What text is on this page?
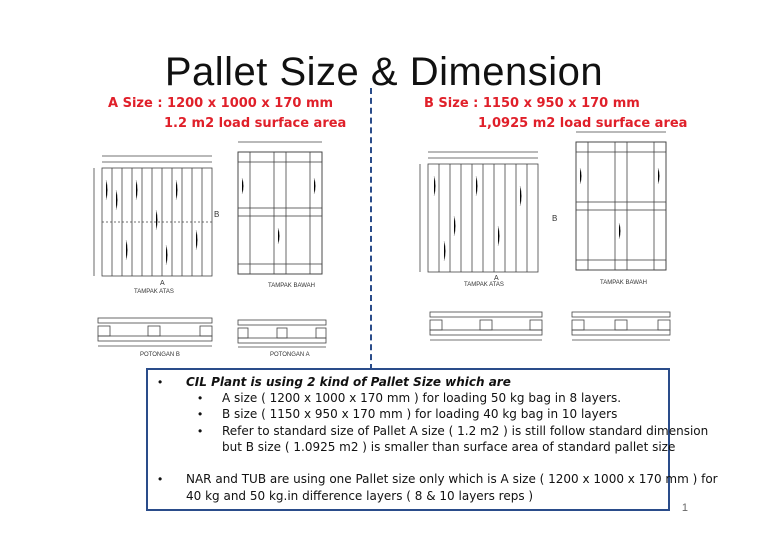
Pallet Size & Dimension
A Size : 1200 x 1000 x 170 mm
1.2 m2 load surface area
B Size : 1150 x 950 x 170 mm
1,0925 m2 load surface area
B
A
TAMPAK ATAS
TAMPAK BAWAH
POTONGAN B	POTONGAN A
B
A
TAMPAK ATAS	TAMPAK BAWAH
• CIL Plant is using 2 kind of Pallet Size which are
• A size ( 1200 x 1000 x 170 mm ) for loading 50 kg bag in 8 layers.
• B size ( 1150 x 950 x 170 mm ) for loading 40 kg bag in 10 layers
• Refer to standard size of Pallet A size ( 1.2 m2 ) is still follow standard dimension
but B size ( 1.0925 m2 ) is smaller than surface area of standard pallet size
• NAR and TUB are using one Pallet size only which is A size ( 1200 x 1000 x 170 mm ) for
40 kg and 50 kg.in difference layers ( 8 & 10 layers reps )
1
